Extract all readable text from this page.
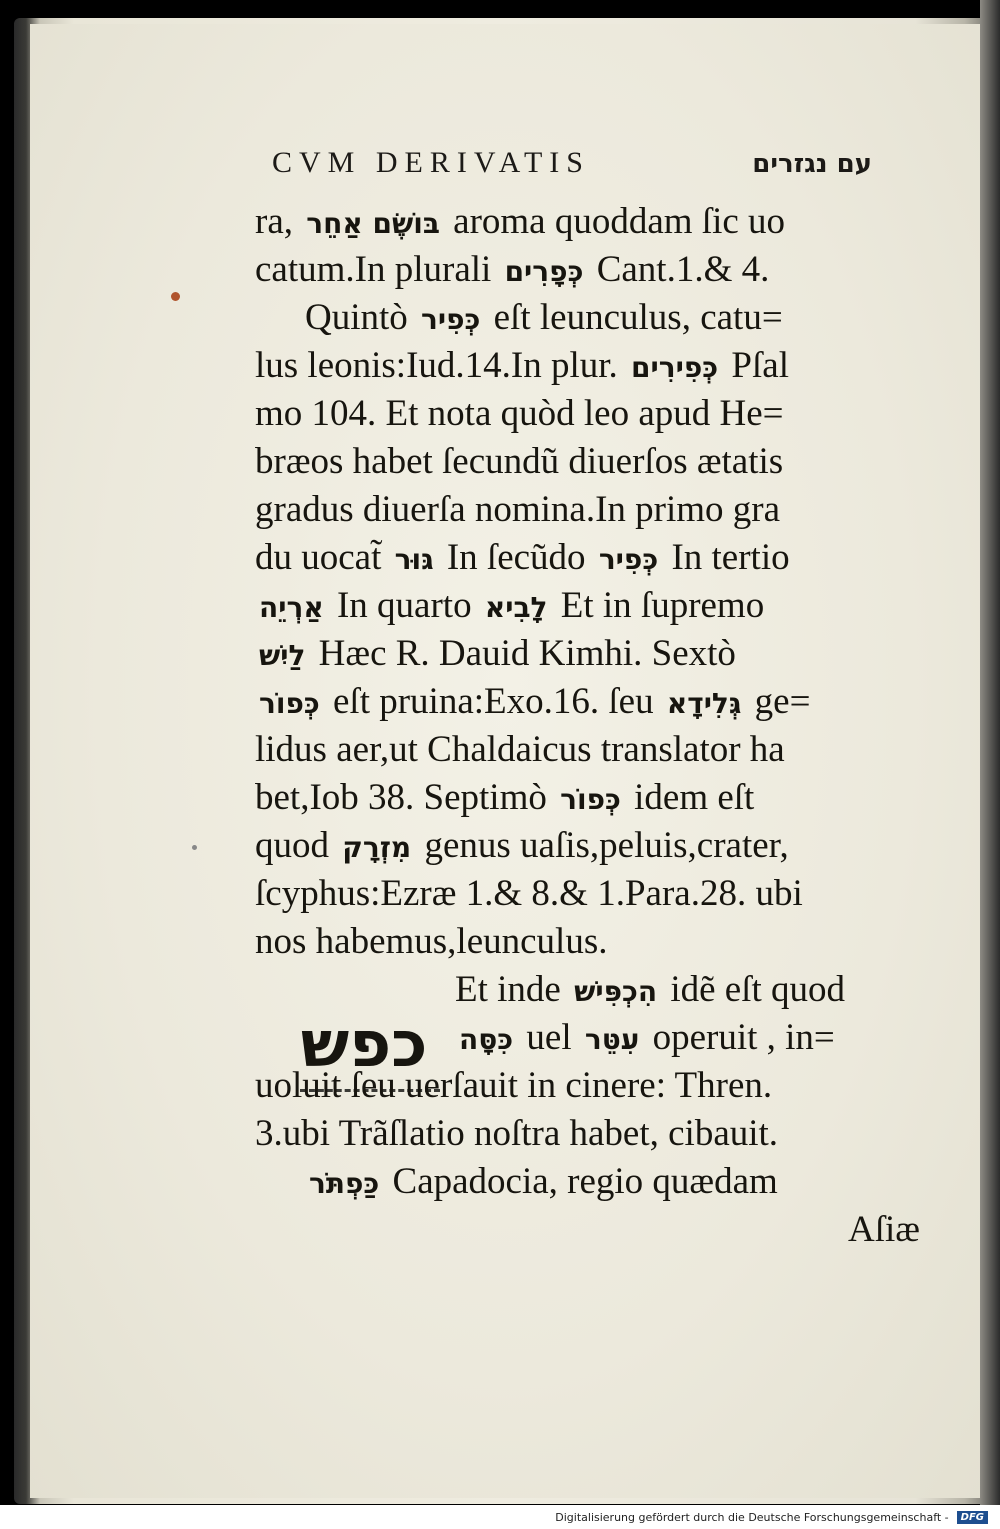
CVM DERIVATIS	עם נגזרים
כפש
ra, בּוֹשֶׂם אַחֵר aroma quoddam ſic uo
catum.In plurali כְּפָרִים Cant.1.& 4.
Quintò כְּפִיר eſt leunculus, catu=
lus leonis:Iud.14.In plur. כְּפִירִים Pſal
mo 104. Et nota quòd leo apud He=
bræos habet ſecundũ diuerſos ætatis
gradus diuerſa nomina.In primo gra
du uocat̃ גּוּר In ſecũdo כְּפִיר In tertio
אַרְיֵה In quarto לָבִיא Et in ſupremo
לַיִשׁ Hæc R. Dauid Kimhi. Sextò
כְּפוֹר eſt pruina:Exo.16. ſeu גְּלִידָא ge=
lidus aer,ut Chaldaicus translator ha
bet,Iob 38. Septimò כְּפוֹר idem eſt
quod מִזְרָק genus uaſis,peluis,crater,
ſcyphus:Ezræ 1.& 8.& 1.Para.28. ubi
nos habemus,leunculus.
Et inde הִכְפִּישׁ idẽ eſt quod
כִּסָּה uel עִטֵּר operuit , in=
uoluit ſeu uerſauit in cinere: Thren.
3.ubi Trãſlatio noſtra habet, cibauit.
כַּפְתֹּר Capadocia, regio quædam
Aſiæ
Digitalisierung gefördert durch die Deutsche Forschungsgemeinschaft -	DFG
